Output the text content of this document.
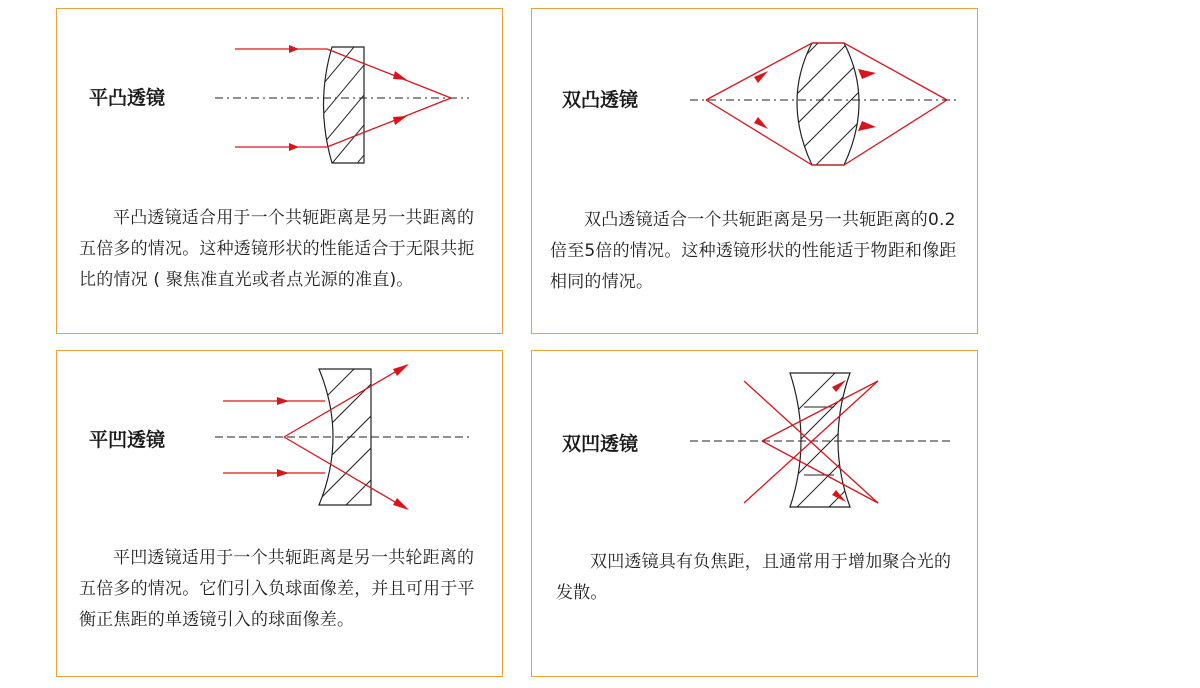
平凸透镜
平凸透镜适合用于一个共轭距离是另一共距离的五倍多的情况。这种透镜形状的性能适合于无限共扼比的情况 ( 聚焦准直光或者点光源的准直)。
双凸透镜
双凸透镜适合一个共轭距离是另一共轭距离的0.2倍至5倍的情况。这种透镜形状的性能适于物距和像距相同的情况。
平凹透镜
平凹透镜适用于一个共轭距离是另一共轮距离的五倍多的情况。它们引入负球面像差，并且可用于平衡正焦距的单透镜引入的球面像差。
双凹透镜
双凹透镜具有负焦距，且通常用于增加聚合光的发散。
